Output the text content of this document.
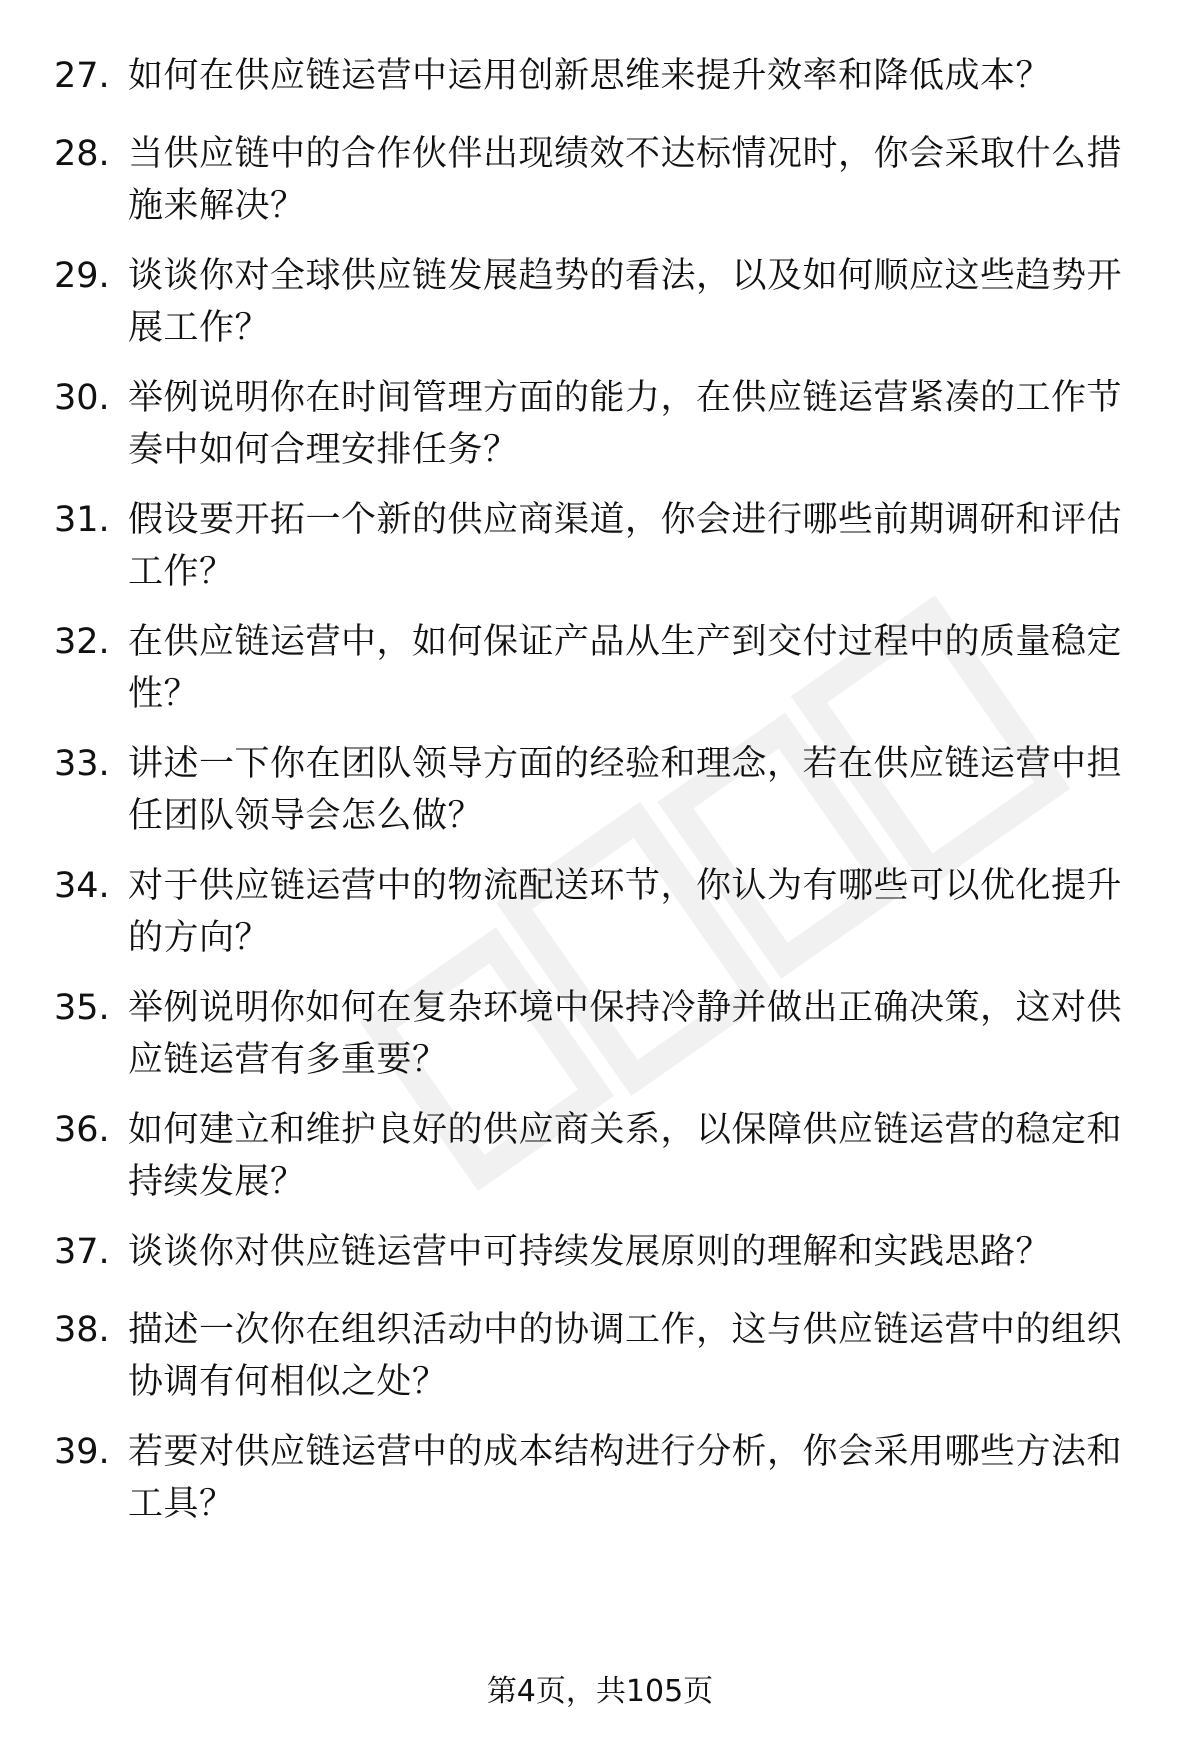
27. 如何在供应链运营中运用创新思维来提升效率和降低成本？
28. 当供应链中的合作伙伴出现绩效不达标情况时，你会采取什么措施来解决？
29. 谈谈你对全球供应链发展趋势的看法，以及如何顺应这些趋势开展工作？
30. 举例说明你在时间管理方面的能力，在供应链运营紧凑的工作节奏中如何合理安排任务？
31. 假设要开拓一个新的供应商渠道，你会进行哪些前期调研和评估工作？
32. 在供应链运营中，如何保证产品从生产到交付过程中的质量稳定性？
33. 讲述一下你在团队领导方面的经验和理念，若在供应链运营中担任团队领导会怎么做？
34. 对于供应链运营中的物流配送环节，你认为有哪些可以优化提升的方向？
35. 举例说明你如何在复杂环境中保持冷静并做出正确决策，这对供应链运营有多重要？
36. 如何建立和维护良好的供应商关系，以保障供应链运营的稳定和持续发展？
37. 谈谈你对供应链运营中可持续发展原则的理解和实践思路？
38. 描述一次你在组织活动中的协调工作，这与供应链运营中的组织协调有何相似之处？
39. 若要对供应链运营中的成本结构进行分析，你会采用哪些方法和工具？
第4页，共105页
